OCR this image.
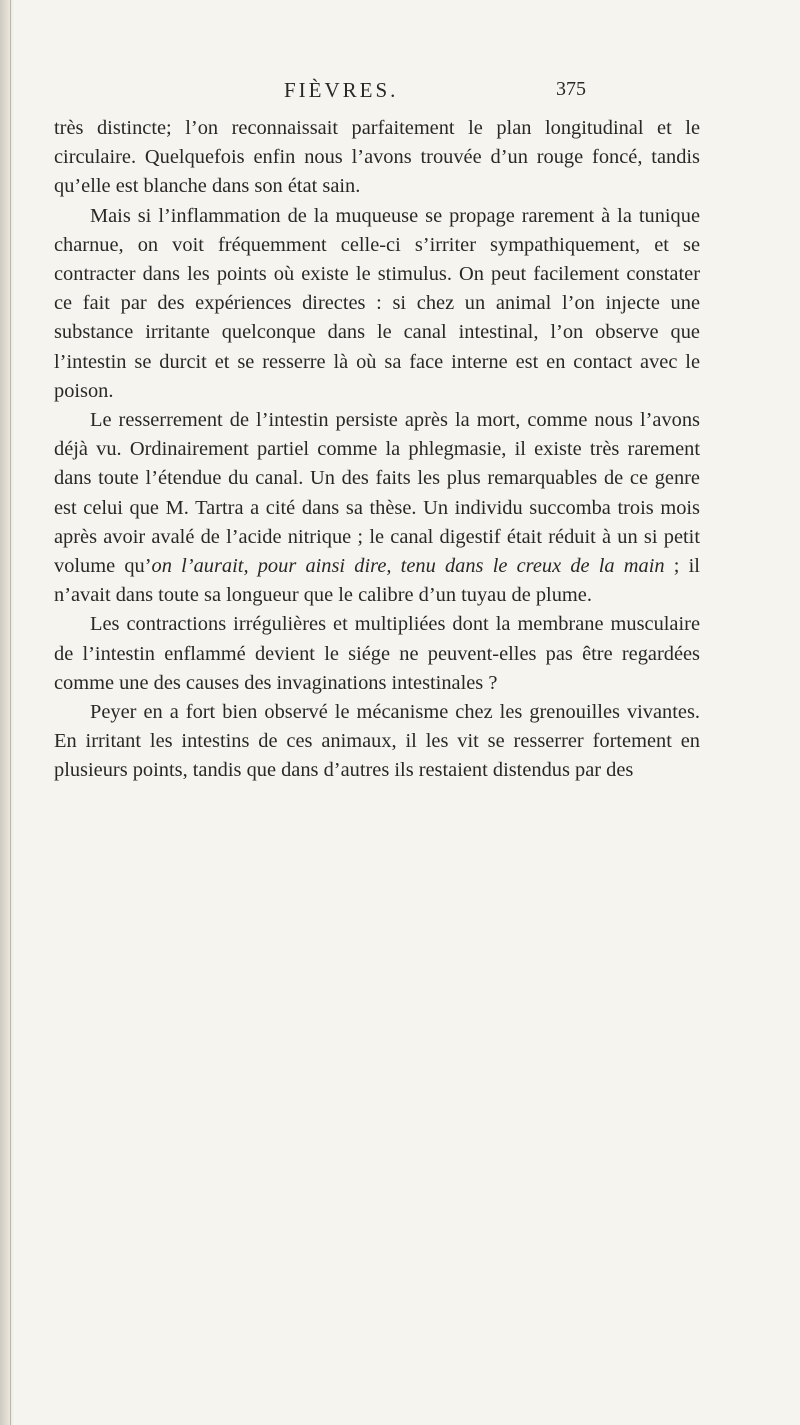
FIÈVRES.	375

très distincte; l’on reconnaissait parfaitement le plan longitudinal et le circulaire. Quelquefois enfin nous l’avons trouvée d’un rouge foncé, tandis qu’elle est blanche dans son état sain.

Mais si l’inflammation de la muqueuse se propage rarement à la tunique charnue, on voit fréquemment celle-ci s’irriter sympathiquement, et se contracter dans les points où existe le stimulus. On peut facilement constater ce fait par des expériences directes : si chez un animal l’on injecte une substance irritante quelconque dans le canal intestinal, l’on observe que l’intestin se durcit et se resserre là où sa face interne est en contact avec le poison.

Le resserrement de l’intestin persiste après la mort, comme nous l’avons déjà vu. Ordinairement partiel comme la phlegmasie, il existe très rarement dans toute l’étendue du canal. Un des faits les plus remarquables de ce genre est celui que M. Tartra a cité dans sa thèse. Un individu succomba trois mois après avoir avalé de l’acide nitrique ; le canal digestif était réduit à un si petit volume qu’on l’aurait, pour ainsi dire, tenu dans le creux de la main ; il n’avait dans toute sa longueur que le calibre d’un tuyau de plume.

Les contractions irrégulières et multipliées dont la membrane musculaire de l’intestin enflammé devient le siége ne peuvent-elles pas être regardées comme une des causes des invaginations intestinales ?

Peyer en a fort bien observé le mécanisme chez les grenouilles vivantes. En irritant les intestins de ces animaux, il les vit se resserrer fortement en plusieurs points, tandis que dans d’autres ils restaient distendus par des
